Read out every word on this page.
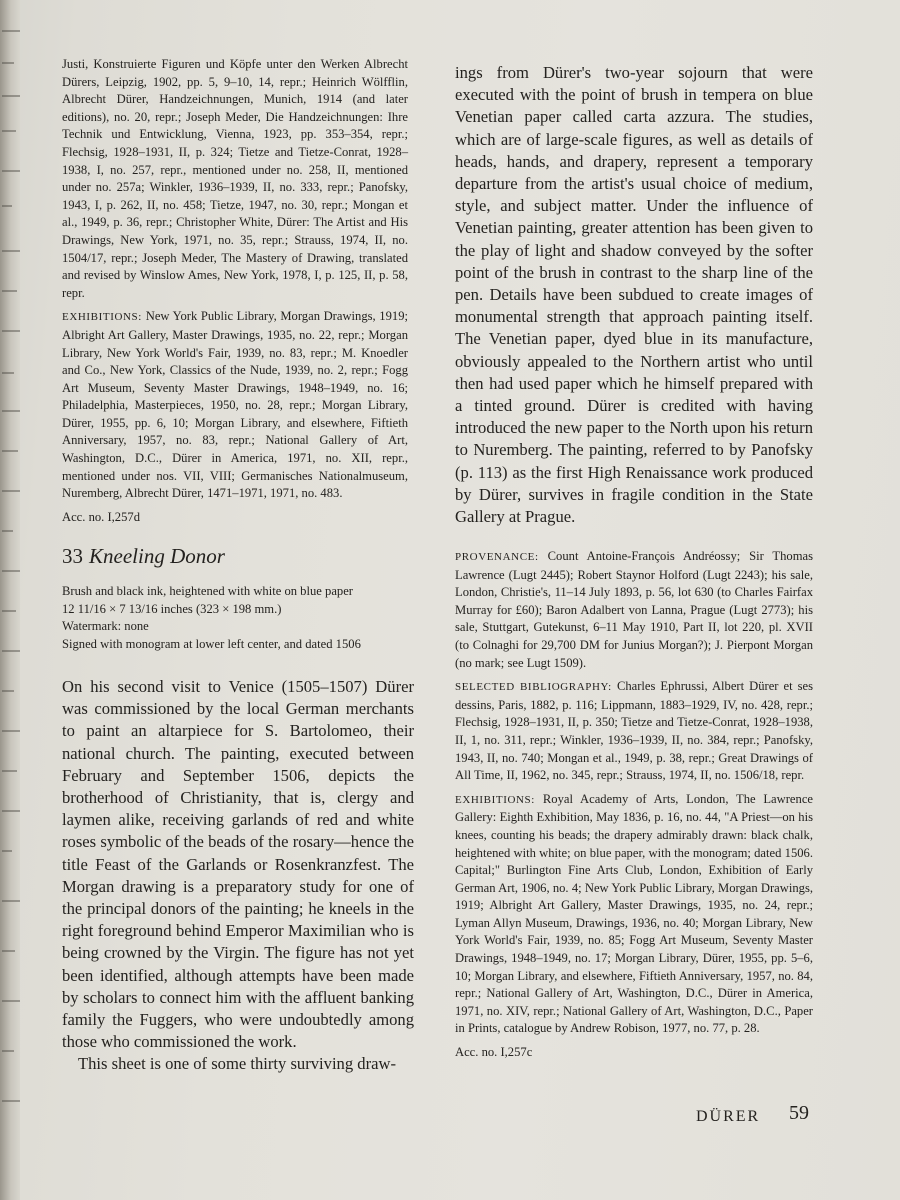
Justi, Konstruierte Figuren und Köpfe unter den Werken Albrecht Dürers, Leipzig, 1902, pp. 5, 9–10, 14, repr.; Heinrich Wölfflin, Albrecht Dürer, Handzeichnungen, Munich, 1914 (and later editions), no. 20, repr.; Joseph Meder, Die Handzeichnungen: Ihre Technik und Entwicklung, Vienna, 1923, pp. 353–354, repr.; Flechsig, 1928–1931, II, p. 324; Tietze and Tietze-Conrat, 1928–1938, I, no. 257, repr., mentioned under no. 258, II, mentioned under no. 257a; Winkler, 1936–1939, II, no. 333, repr.; Panofsky, 1943, I, p. 262, II, no. 458; Tietze, 1947, no. 30, repr.; Mongan et al., 1949, p. 36, repr.; Christopher White, Dürer: The Artist and His Drawings, New York, 1971, no. 35, repr.; Strauss, 1974, II, no. 1504/17, repr.; Joseph Meder, The Mastery of Drawing, translated and revised by Winslow Ames, New York, 1978, I, p. 125, II, p. 58, repr.

EXHIBITIONS: New York Public Library, Morgan Drawings, 1919; Albright Art Gallery, Master Drawings, 1935, no. 22, repr.; Morgan Library, New York World's Fair, 1939, no. 83, repr.; M. Knoedler and Co., New York, Classics of the Nude, 1939, no. 2, repr.; Fogg Art Museum, Seventy Master Drawings, 1948–1949, no. 16; Philadelphia, Masterpieces, 1950, no. 28, repr.; Morgan Library, Dürer, 1955, pp. 6, 10; Morgan Library, and elsewhere, Fiftieth Anniversary, 1957, no. 83, repr.; National Gallery of Art, Washington, D.C., Dürer in America, 1971, no. XII, repr., mentioned under nos. VII, VIII; Germanisches Nationalmuseum, Nuremberg, Albrecht Dürer, 1471–1971, 1971, no. 483.

Acc. no. I,257d

33 Kneeling Donor

Brush and black ink, heightened with white on blue paper

12 11/16 × 7 13/16 inches (323 × 198 mm.)

Watermark: none

Signed with monogram at lower left center, and dated 1506

On his second visit to Venice (1505–1507) Dürer was commissioned by the local German merchants to paint an altarpiece for S. Bartolomeo, their national church. The painting, executed between February and September 1506, depicts the brotherhood of Christianity, that is, clergy and laymen alike, receiving garlands of red and white roses symbolic of the beads of the rosary—hence the title Feast of the Garlands or Rosenkranzfest. The Morgan drawing is a preparatory study for one of the principal donors of the painting; he kneels in the right foreground behind Emperor Maximilian who is being crowned by the Virgin. The figure has not yet been identified, although attempts have been made by scholars to connect him with the affluent banking family the Fuggers, who were undoubtedly among those who commissioned the work.

This sheet is one of some thirty surviving draw-

ings from Dürer's two-year sojourn that were executed with the point of brush in tempera on blue Venetian paper called carta azzura. The studies, which are of large-scale figures, as well as details of heads, hands, and drapery, represent a temporary departure from the artist's usual choice of medium, style, and subject matter. Under the influence of Venetian painting, greater attention has been given to the play of light and shadow conveyed by the softer point of the brush in contrast to the sharp line of the pen. Details have been subdued to create images of monumental strength that approach painting itself. The Venetian paper, dyed blue in its manufacture, obviously appealed to the Northern artist who until then had used paper which he himself prepared with a tinted ground. Dürer is credited with having introduced the new paper to the North upon his return to Nuremberg. The painting, referred to by Panofsky (p. 113) as the first High Renaissance work produced by Dürer, survives in fragile condition in the State Gallery at Prague.

PROVENANCE: Count Antoine-François Andréossy; Sir Thomas Lawrence (Lugt 2445); Robert Staynor Holford (Lugt 2243); his sale, London, Christie's, 11–14 July 1893, p. 56, lot 630 (to Charles Fairfax Murray for £60); Baron Adalbert von Lanna, Prague (Lugt 2773); his sale, Stuttgart, Gutekunst, 6–11 May 1910, Part II, lot 220, pl. XVII (to Colnaghi for 29,700 DM for Junius Morgan?); J. Pierpont Morgan (no mark; see Lugt 1509).

SELECTED BIBLIOGRAPHY: Charles Ephrussi, Albert Dürer et ses dessins, Paris, 1882, p. 116; Lippmann, 1883–1929, IV, no. 428, repr.; Flechsig, 1928–1931, II, p. 350; Tietze and Tietze-Conrat, 1928–1938, II, 1, no. 311, repr.; Winkler, 1936–1939, II, no. 384, repr.; Panofsky, 1943, II, no. 740; Mongan et al., 1949, p. 38, repr.; Great Drawings of All Time, II, 1962, no. 345, repr.; Strauss, 1974, II, no. 1506/18, repr.

EXHIBITIONS: Royal Academy of Arts, London, The Lawrence Gallery: Eighth Exhibition, May 1836, p. 16, no. 44, "A Priest—on his knees, counting his beads; the drapery admirably drawn: black chalk, heightened with white; on blue paper, with the monogram; dated 1506. Capital;" Burlington Fine Arts Club, London, Exhibition of Early German Art, 1906, no. 4; New York Public Library, Morgan Drawings, 1919; Albright Art Gallery, Master Drawings, 1935, no. 24, repr.; Lyman Allyn Museum, Drawings, 1936, no. 40; Morgan Library, New York World's Fair, 1939, no. 85; Fogg Art Museum, Seventy Master Drawings, 1948–1949, no. 17; Morgan Library, Dürer, 1955, pp. 5–6, 10; Morgan Library, and elsewhere, Fiftieth Anniversary, 1957, no. 84, repr.; National Gallery of Art, Washington, D.C., Dürer in America, 1971, no. XIV, repr.; National Gallery of Art, Washington, D.C., Paper in Prints, catalogue by Andrew Robison, 1977, no. 77, p. 28.

Acc. no. I,257c

DÜRER 59
